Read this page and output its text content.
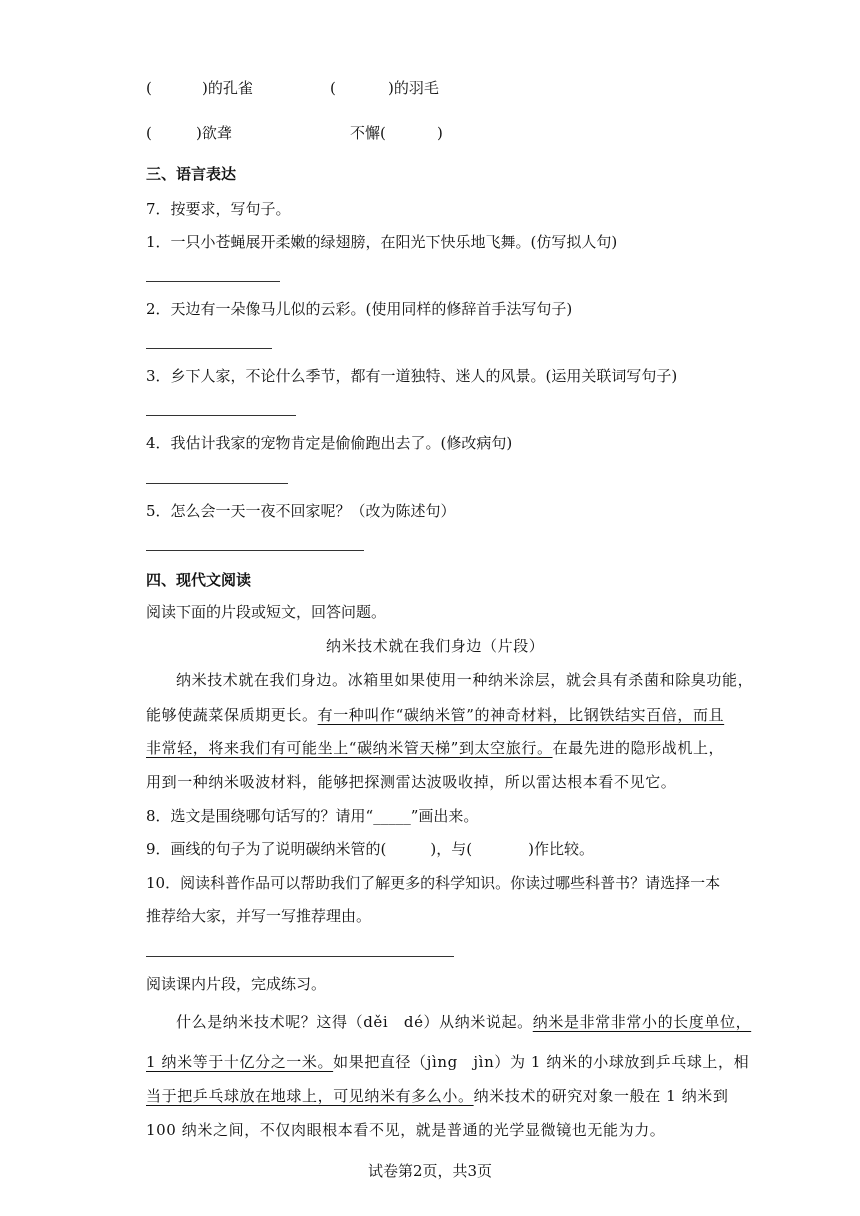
(	)的孔雀	(	)的羽毛
(	)欲聋	不懈(	)
三、语言表达
7．按要求，写句子。
1．一只小苍蝇展开柔嫩的绿翅膀，在阳光下快乐地飞舞。(仿写拟人句)
2．天边有一朵像马儿似的云彩。(使用同样的修辞首手法写句子)
3．乡下人家，不论什么季节，都有一道独特、迷人的风景。(运用关联词写句子)
4．我估计我家的宠物肯定是偷偷跑出去了。(修改病句)
5．怎么会一天一夜不回家呢？（改为陈述句）
四、现代文阅读
阅读下面的片段或短文，回答问题。
纳米技术就在我们身边（片段）
纳米技术就在我们身边。冰箱里如果使用一种纳米涂层，就会具有杀菌和除臭功能，
能够使蔬菜保质期更长。有一种叫作“碳纳米管”的神奇材料，比钢铁结实百倍，而且
非常轻，将来我们有可能坐上“碳纳米管天梯”到太空旅行。在最先进的隐形战机上，
用到一种纳米吸波材料，能够把探测雷达波吸收掉，所以雷达根本看不见它。
8．选文是围绕哪句话写的？请用“_____”画出来。
9．画线的句子为了说明碳纳米管的(	)，与(	)作比较。
10．阅读科普作品可以帮助我们了解更多的科学知识。你读过哪些科普书？请选择一本
推荐给大家，并写一写推荐理由。
阅读课内片段，完成练习。
什么是纳米技术呢？这得（děi　dé）从纳米说起。纳米是非常非常小的长度单位，
1 纳米等于十亿分之一米。如果把直径（jìng　jìn）为 1 纳米的小球放到乒乓球上，相
当于把乒乓球放在地球上，可见纳米有多么小。纳米技术的研究对象一般在 1 纳米到
100 纳米之间，不仅肉眼根本看不见，就是普通的光学显微镜也无能为力。
试卷第2页，共3页
